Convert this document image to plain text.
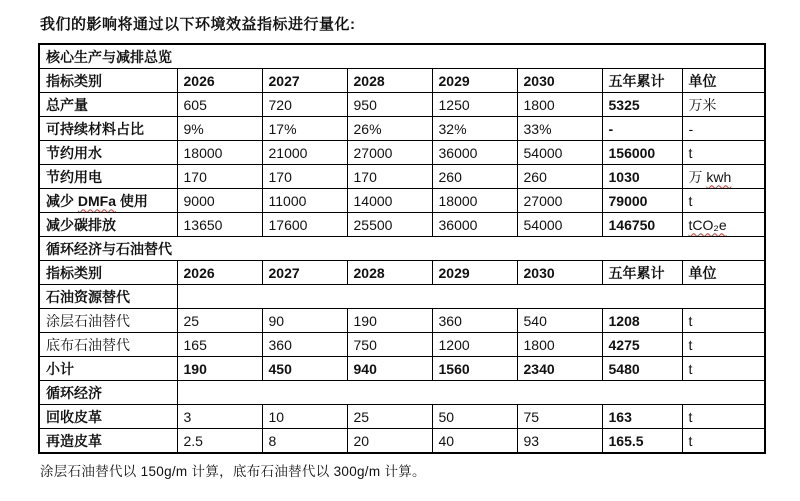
我们的影响将通过以下环境效益指标进行量化:
核心生产与减排总览							
指标类别	2026	2027	2028	2029	2030	五年累计	单位
总产量	605	720	950	1250	1800	5325	万米
可持续材料占比	9%	17%	26%	32%	33%	-	-
节约用水	18000	21000	27000	36000	54000	156000	t
节约用电	170	170	170	260	260	1030	万 kwh
减少 DMFa 使用	9000	11000	14000	18000	27000	79000	t
减少碳排放	13650	17600	25500	36000	54000	146750	tCO₂e
循环经济与石油替代							
指标类别	2026	2027	2028	2029	2030	五年累计	单位
石油资源替代							
涂层石油替代	25	90	190	360	540	1208	t
底布石油替代	165	360	750	1200	1800	4275	t
小计	190	450	940	1560	2340	5480	t
循环经济							
回收皮革	3	10	25	50	75	163	t
再造皮革	2.5	8	20	40	93	165.5	t
涂层石油替代以 150g/m 计算，底布石油替代以 300g/m 计算。
